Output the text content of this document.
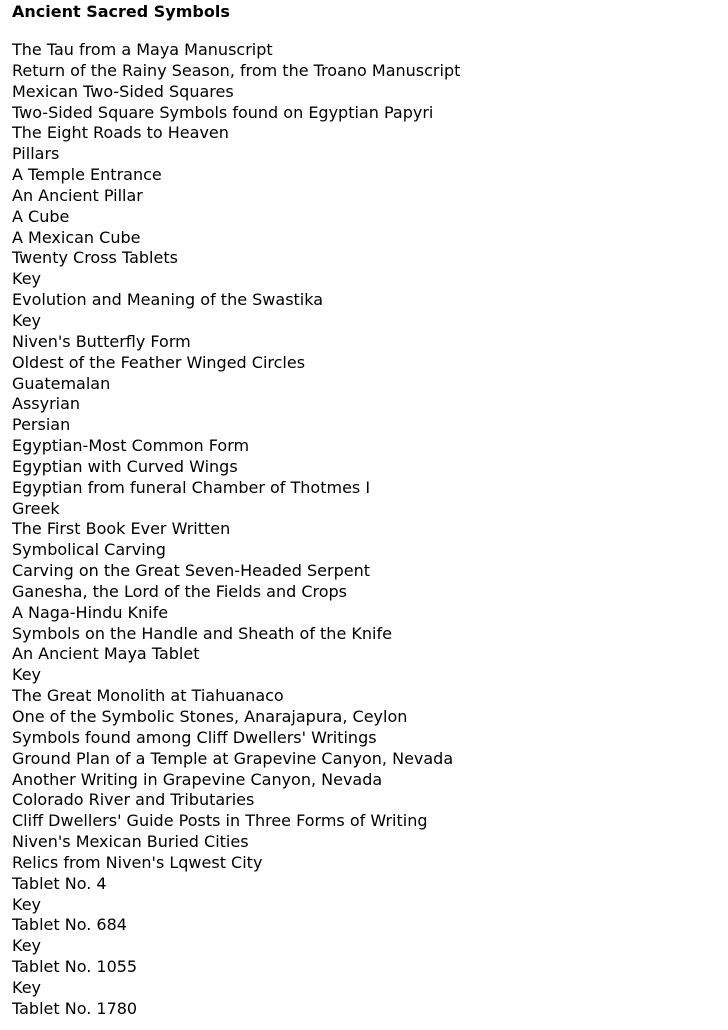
Ancient Sacred Symbols
The Tau from a Maya Manuscript
Return of the Rainy Season, from the Troano Manuscript
Mexican Two-Sided Squares
Two-Sided Square Symbols found on Egyptian Papyri
The Eight Roads to Heaven
Pillars
A Temple Entrance
An Ancient Pillar
A Cube
A Mexican Cube
Twenty Cross Tablets
Key
Evolution and Meaning of the Swastika
Key
Niven's Butterfly Form
Oldest of the Feather Winged Circles
Guatemalan
Assyrian
Persian
Egyptian-Most Common Form
Egyptian with Curved Wings
Egyptian from funeral Chamber of Thotmes I
Greek
The First Book Ever Written
Symbolical Carving
Carving on the Great Seven-Headed Serpent
Ganesha, the Lord of the Fields and Crops
A Naga-Hindu Knife
Symbols on the Handle and Sheath of the Knife
An Ancient Maya Tablet
Key
The Great Monolith at Tiahuanaco
One of the Symbolic Stones, Anarajapura, Ceylon
Symbols found among Cliff Dwellers' Writings
Ground Plan of a Temple at Grapevine Canyon, Nevada
Another Writing in Grapevine Canyon, Nevada
Colorado River and Tributaries
Cliff Dwellers' Guide Posts in Three Forms of Writing
Niven's Mexican Buried Cities
Relics from Niven's Lqwest City
Tablet No. 4
Key
Tablet No. 684
Key
Tablet No. 1055
Key
Tablet No. 1780
